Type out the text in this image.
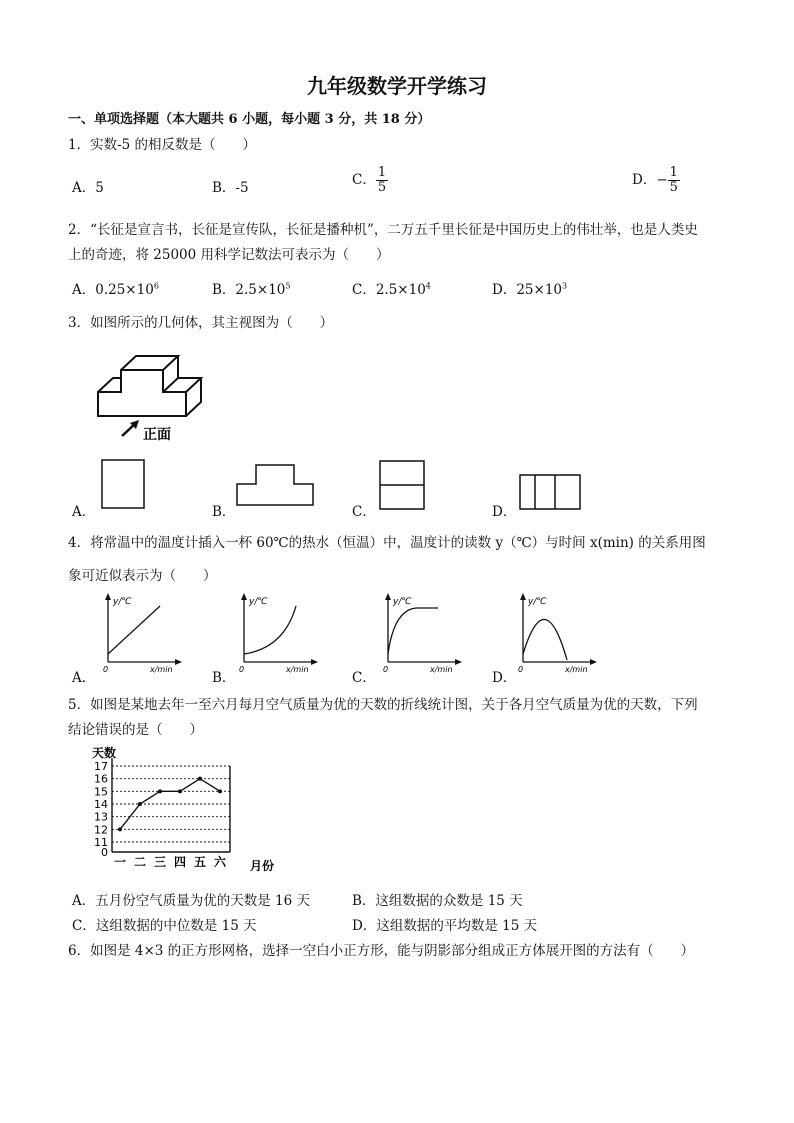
九年级数学开学练习
一、单项选择题（本大题共 6 小题，每小题 3 分，共 18 分）
1．实数-5 的相反数是（　　）
A．5	B．-5	C． $\frac{1}{5}$	D．− $\frac{1}{5}$
2．“长征是宣言书，长征是宣传队，长征是播种机”，二万五千里长征是中国历史上的伟壮举，也是人类史
上的奇迹，将 25000 用科学记数法可表示为（　　）
A．$0.25\times 10^6$	B．$2.5\times 10^5$	C．$2.5\times 10^4$	D．$25\times 10^3$
3．如图所示的几何体，其主视图为（　　）
正面
A．	B．	C．	D．
4．将常温中的温度计插入一杯 60℃的热水（恒温）中，温度计的读数 y（℃）与时间 x(min) 的关系用图
象可近似表示为（　　）
A．
y/℃
x/min
0
B．
y/℃
x/min
0
C．
y/℃
x/min
0
D．
y/℃
x/min
0
5．如图是某地去年一至六月每月空气质量为优的天数的折线统计图，关于各月空气质量为优的天数，下列
结论错误的是（　　）
0
11
12
13
14
15
16
17
一 二 三 四 五 六
天数
月份
A．五月份空气质量为优的天数是 16 天	B．这组数据的众数是 15 天
C．这组数据的中位数是 15 天	D．这组数据的平均数是 15 天
6．如图是 4×3 的正方形网格，选择一空白小正方形，能与阴影部分组成正方体展开图的方法有（　　）
